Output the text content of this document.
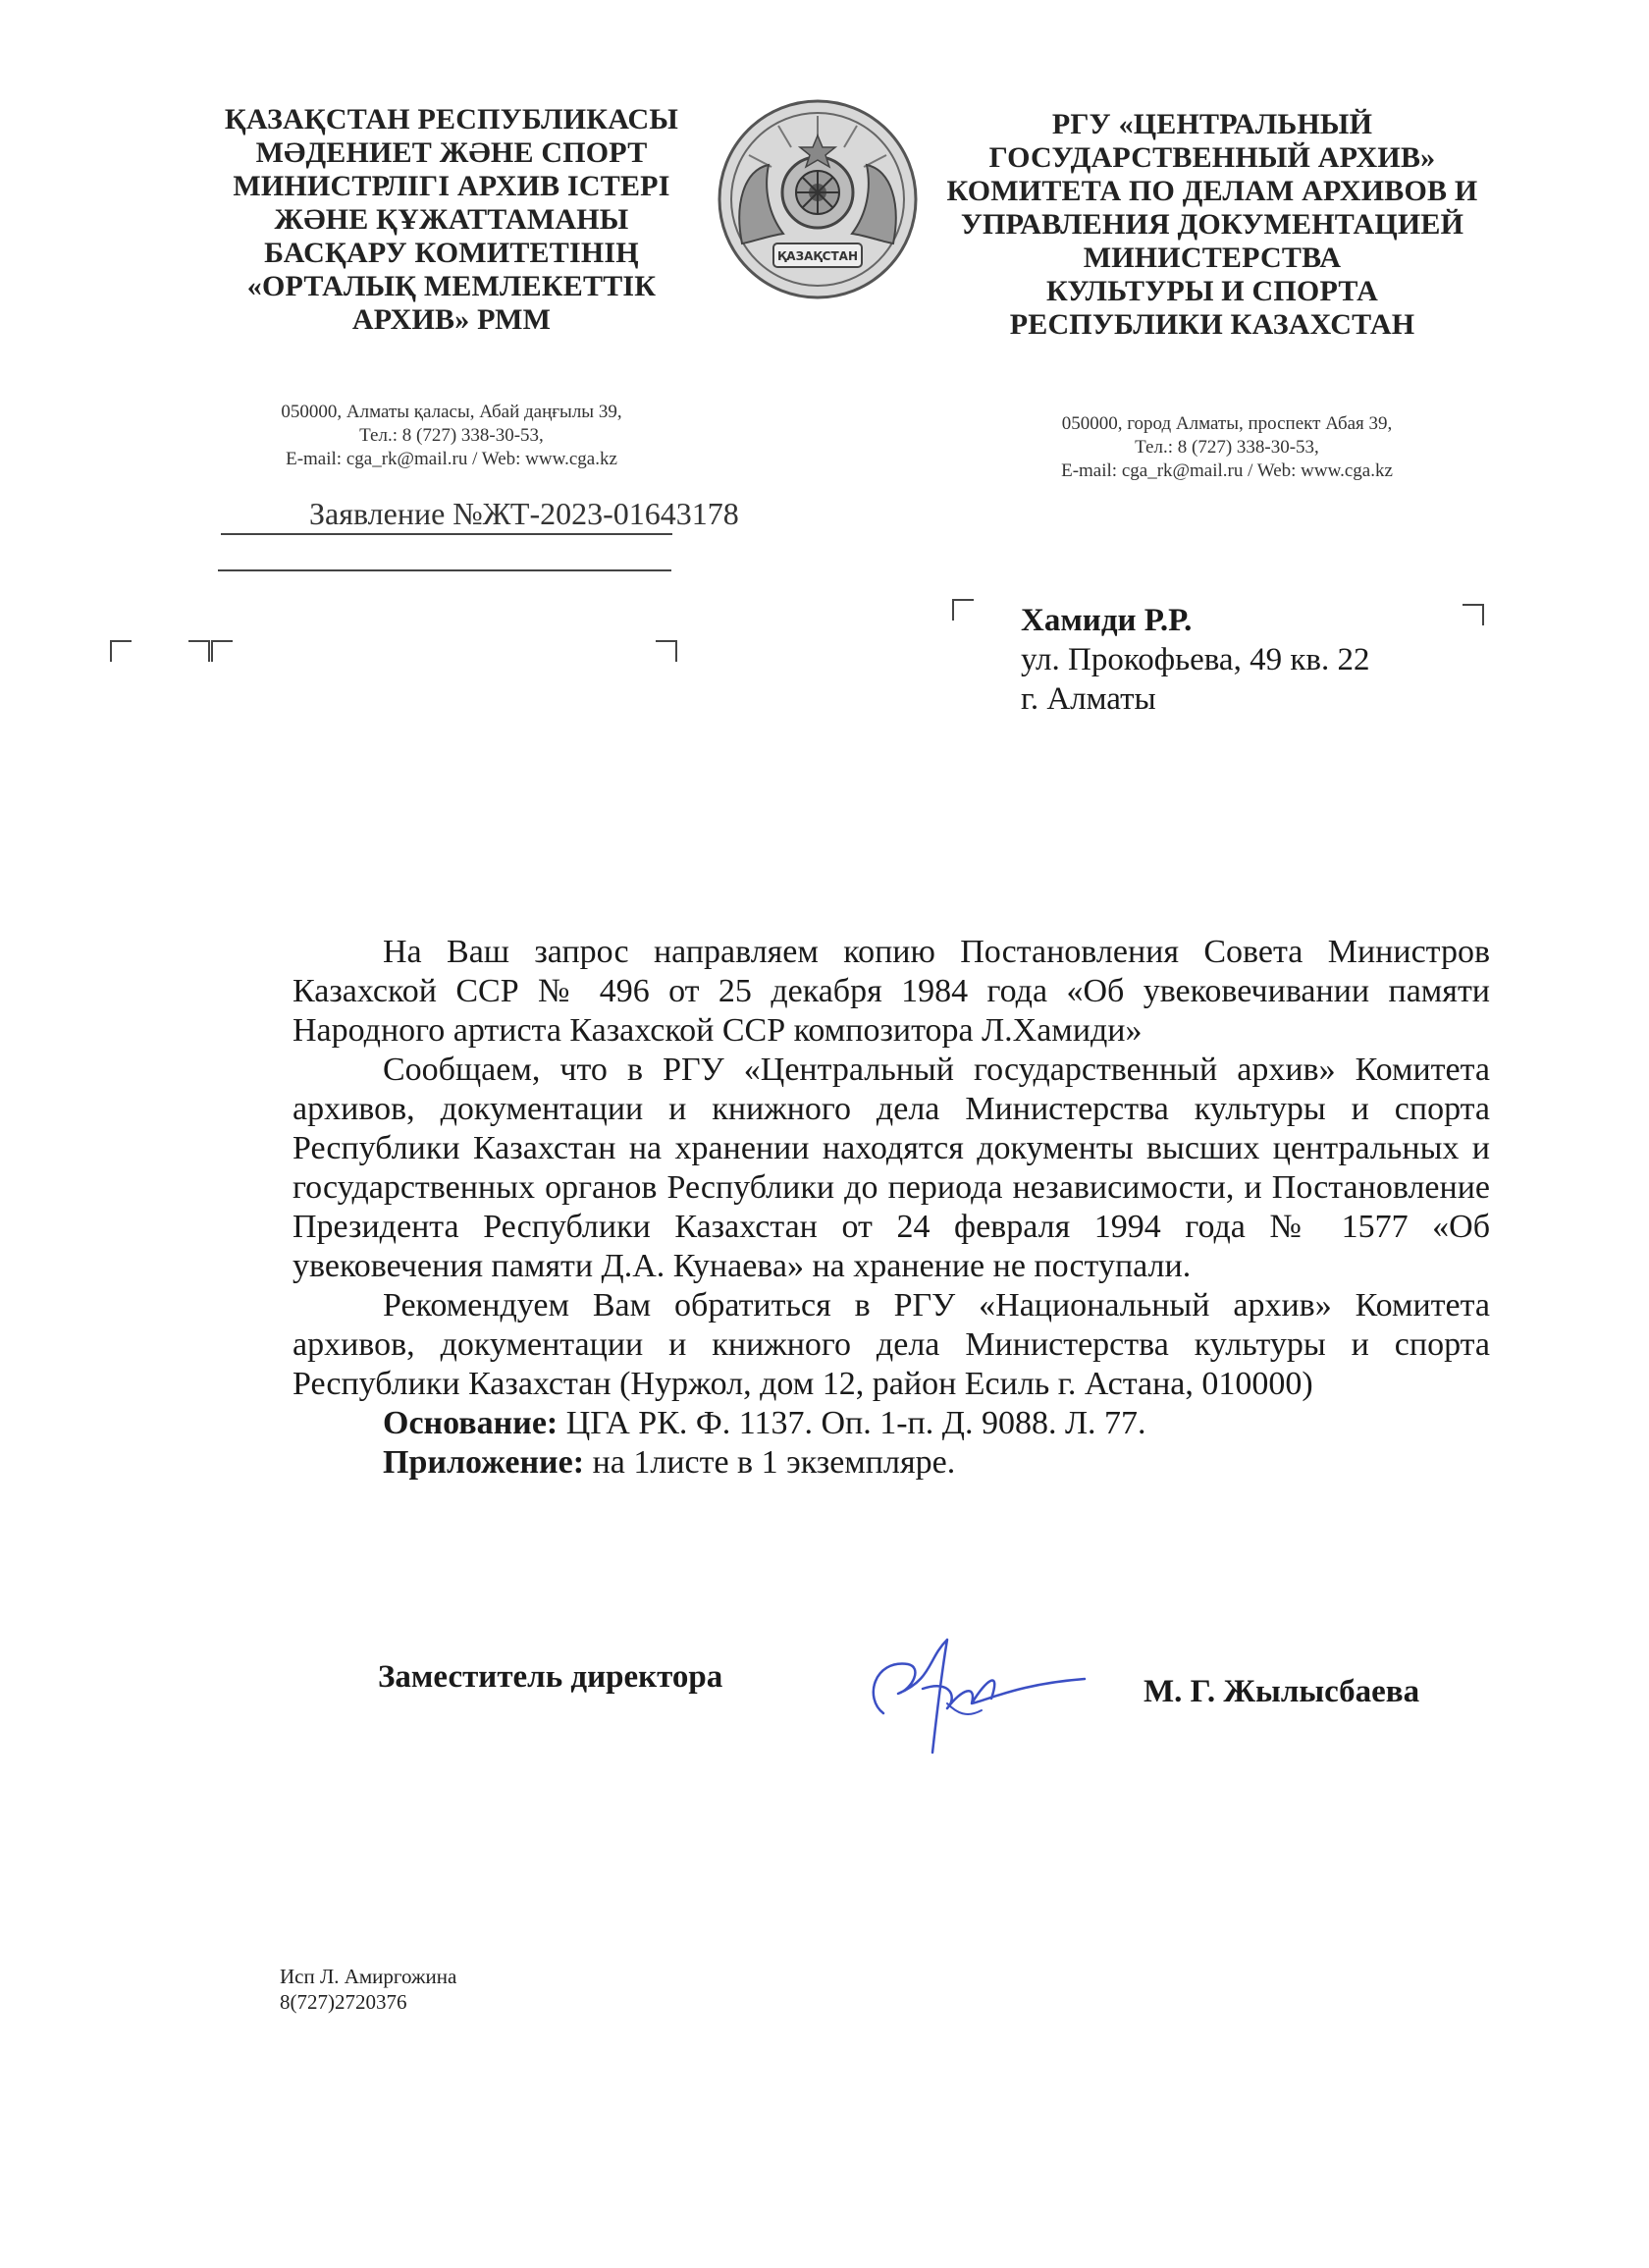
ҚАЗАҚСТАН РЕСПУБЛИКАСЫ
МӘДЕНИЕТ ЖӘНЕ СПОРТ
МИНИСТРЛІГІ АРХИВ ІСТЕРІ
ЖӘНЕ ҚҰЖАТТАМАНЫ
БАСҚАРУ КОМИТЕТІНІҢ
«ОРТАЛЫҚ МЕМЛЕКЕТТІК
АРХИВ» РММ
ҚАЗАҚСТАН
РГУ «ЦЕНТРАЛЬНЫЙ
ГОСУДАРСТВЕННЫЙ АРХИВ»
КОМИТЕТА ПО ДЕЛАМ АРХИВОВ И
УПРАВЛЕНИЯ ДОКУМЕНТАЦИЕЙ
МИНИСТЕРСТВА
КУЛЬТУРЫ И СПОРТА
РЕСПУБЛИКИ КАЗАХСТАН
050000, Алматы қаласы, Абай даңғылы 39,
Тел.: 8 (727) 338-30-53,
E-mail: cga_rk@mail.ru / Web: www.cga.kz
050000, город Алматы, проспект Абая 39,
Тел.: 8 (727) 338-30-53,
E-mail: cga_rk@mail.ru / Web: www.cga.kz
Заявление №ЖТ-2023-01643178
Хамиди Р.Р.
ул. Прокофьева, 49 кв. 22
г. Алматы

На Ваш запрос направляем копию Постановления Совета Министров Казахской ССР № 496 от 25 декабря 1984 года «Об увековечивании памяти Народного артиста Казахской ССР композитора Л.Хамиди»

Сообщаем, что в РГУ «Центральный государственный архив» Комитета архивов, документации и книжного дела Министерства культуры и спорта Республики Казахстан на хранении находятся документы высших центральных и государственных органов Республики до периода независимости, и Постановление Президента Республики Казахстан от 24 февраля 1994 года № 1577 «Об увековечения памяти Д.А. Кунаева» на хранение не поступали.

Рекомендуем Вам обратиться в РГУ «Национальный архив» Комитета архивов, документации и книжного дела Министерства культуры и спорта Республики Казахстан (Нуржол, дом 12, район Есиль г. Астана, 010000)

Основание: ЦГА РК. Ф. 1137. Оп. 1-п. Д. 9088. Л. 77.
Приложение: на 1листе в 1 экземпляре.
Заместитель директора	М. Г. Жылысбаева
Исп Л. Амиргожина
8(727)2720376
